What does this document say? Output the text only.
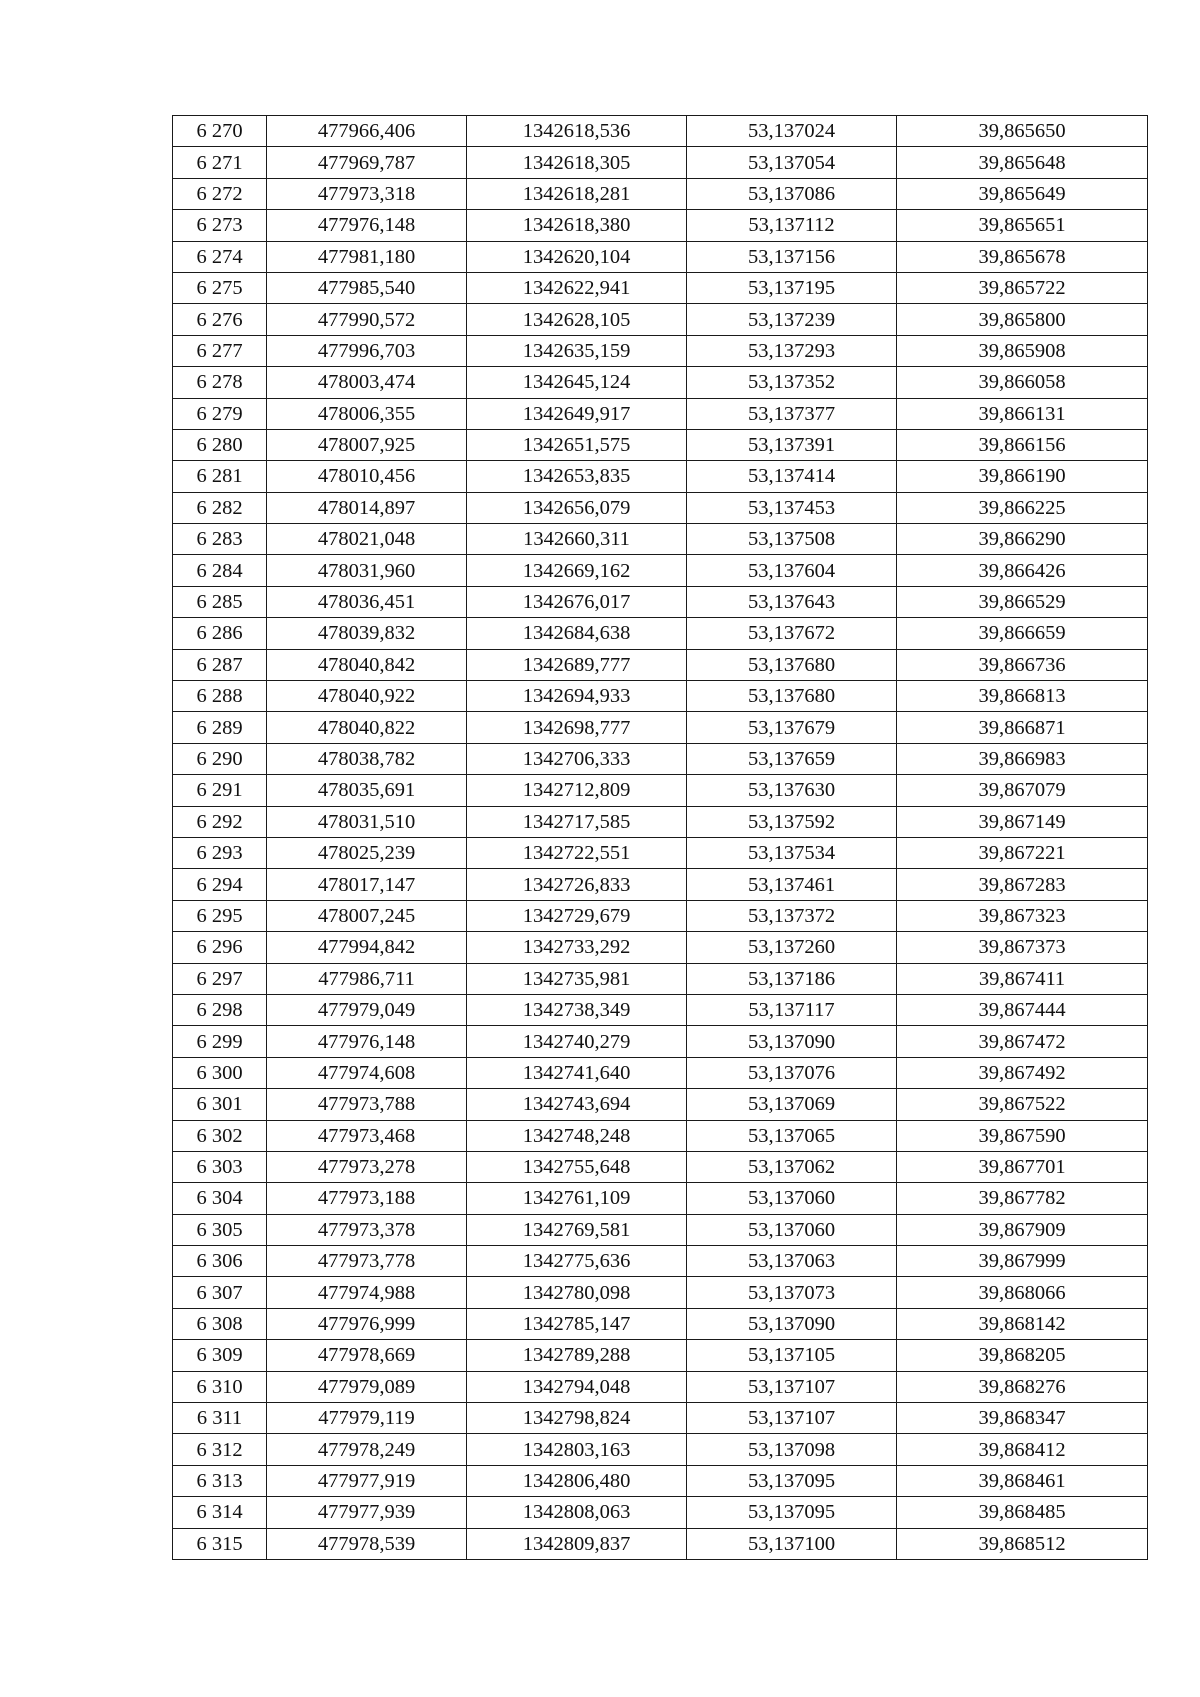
6 270	477966,406	1342618,536	53,137024	39,865650
6 271	477969,787	1342618,305	53,137054	39,865648
6 272	477973,318	1342618,281	53,137086	39,865649
6 273	477976,148	1342618,380	53,137112	39,865651
6 274	477981,180	1342620,104	53,137156	39,865678
6 275	477985,540	1342622,941	53,137195	39,865722
6 276	477990,572	1342628,105	53,137239	39,865800
6 277	477996,703	1342635,159	53,137293	39,865908
6 278	478003,474	1342645,124	53,137352	39,866058
6 279	478006,355	1342649,917	53,137377	39,866131
6 280	478007,925	1342651,575	53,137391	39,866156
6 281	478010,456	1342653,835	53,137414	39,866190
6 282	478014,897	1342656,079	53,137453	39,866225
6 283	478021,048	1342660,311	53,137508	39,866290
6 284	478031,960	1342669,162	53,137604	39,866426
6 285	478036,451	1342676,017	53,137643	39,866529
6 286	478039,832	1342684,638	53,137672	39,866659
6 287	478040,842	1342689,777	53,137680	39,866736
6 288	478040,922	1342694,933	53,137680	39,866813
6 289	478040,822	1342698,777	53,137679	39,866871
6 290	478038,782	1342706,333	53,137659	39,866983
6 291	478035,691	1342712,809	53,137630	39,867079
6 292	478031,510	1342717,585	53,137592	39,867149
6 293	478025,239	1342722,551	53,137534	39,867221
6 294	478017,147	1342726,833	53,137461	39,867283
6 295	478007,245	1342729,679	53,137372	39,867323
6 296	477994,842	1342733,292	53,137260	39,867373
6 297	477986,711	1342735,981	53,137186	39,867411
6 298	477979,049	1342738,349	53,137117	39,867444
6 299	477976,148	1342740,279	53,137090	39,867472
6 300	477974,608	1342741,640	53,137076	39,867492
6 301	477973,788	1342743,694	53,137069	39,867522
6 302	477973,468	1342748,248	53,137065	39,867590
6 303	477973,278	1342755,648	53,137062	39,867701
6 304	477973,188	1342761,109	53,137060	39,867782
6 305	477973,378	1342769,581	53,137060	39,867909
6 306	477973,778	1342775,636	53,137063	39,867999
6 307	477974,988	1342780,098	53,137073	39,868066
6 308	477976,999	1342785,147	53,137090	39,868142
6 309	477978,669	1342789,288	53,137105	39,868205
6 310	477979,089	1342794,048	53,137107	39,868276
6 311	477979,119	1342798,824	53,137107	39,868347
6 312	477978,249	1342803,163	53,137098	39,868412
6 313	477977,919	1342806,480	53,137095	39,868461
6 314	477977,939	1342808,063	53,137095	39,868485
6 315	477978,539	1342809,837	53,137100	39,868512
